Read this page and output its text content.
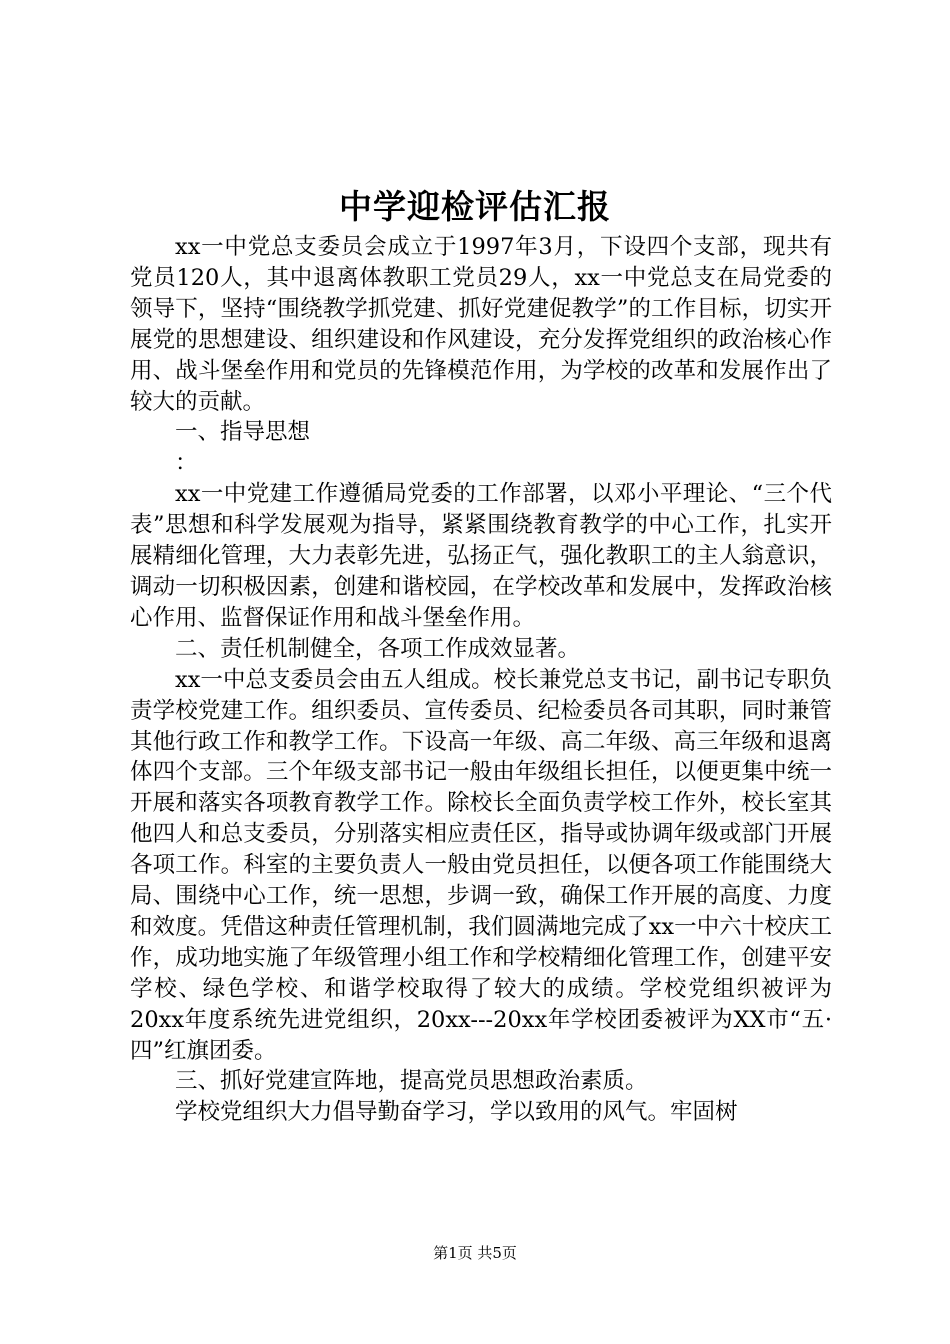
中学迎检评估汇报

xx一中党总支委员会成立于1997年3月，下设四个支部，现共有党员120人，其中退离体教职工党员29人，xx一中党总支在局党委的领导下，坚持“围绕教学抓党建、抓好党建促教学”的工作目标，切实开展党的思想建设、组织建设和作风建设，充分发挥党组织的政治核心作用、战斗堡垒作用和党员的先锋模范作用，为学校的改革和发展作出了较大的贡献。

一、指导思想

：

xx一中党建工作遵循局党委的工作部署，以邓小平理论、“三个代表”思想和科学发展观为指导，紧紧围绕教育教学的中心工作，扎实开展精细化管理，大力表彰先进，弘扬正气，强化教职工的主人翁意识，调动一切积极因素，创建和谐校园，在学校改革和发展中，发挥政治核心作用、监督保证作用和战斗堡垒作用。

二、责任机制健全，各项工作成效显著。

xx一中总支委员会由五人组成。校长兼党总支书记，副书记专职负责学校党建工作。组织委员、宣传委员、纪检委员各司其职，同时兼管其他行政工作和教学工作。下设高一年级、高二年级、高三年级和退离体四个支部。三个年级支部书记一般由年级组长担任，以便更集中统一开展和落实各项教育教学工作。除校长全面负责学校工作外，校长室其他四人和总支委员，分别落实相应责任区，指导或协调年级或部门开展各项工作。科室的主要负责人一般由党员担任，以便各项工作能围绕大局、围绕中心工作，统一思想，步调一致，确保工作开展的高度、力度和效度。凭借这种责任管理机制，我们圆满地完成了xx一中六十校庆工作，成功地实施了年级管理小组工作和学校精细化管理工作，创建平安学校、绿色学校、和谐学校取得了较大的成绩。学校党组织被评为20xx年度系统先进党组织，20xx---20xx年学校团委被评为XX市“五·四”红旗团委。

三、抓好党建宣阵地，提高党员思想政治素质。

学校党组织大力倡导勤奋学习，学以致用的风气。牢固树

第1页 共5页
